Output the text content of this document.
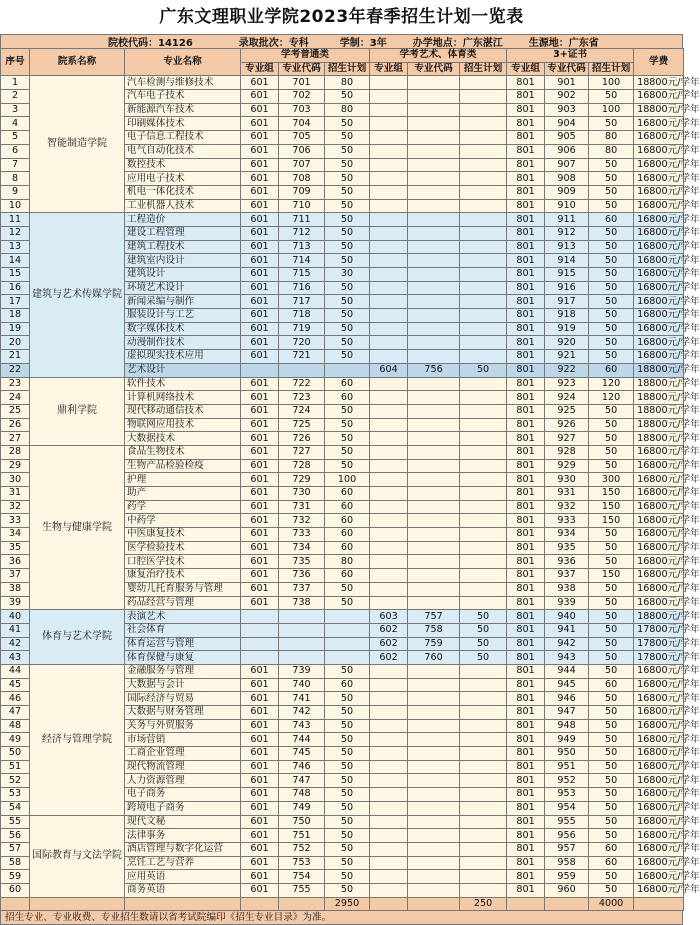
广东文理职业学院2023年春季招生计划一览表
院校代码：14126	录取批次：专科	学制：3年	办学地点：广东湛江	生源地：广东省
序号	院系名称	专业名称	学考普通类			学考艺术、体育类			3+证书			学费
			专业组	专业代码	招生计划	专业组	专业代码	招生计划	专业组	专业代码	招生计划	
1	智能制造学院	汽车检测与维修技术	601	701	80				801	901	100	18800元/学年
2		汽车电子技术	601	702	50				801	902	50	16800元/学年
3		新能源汽车技术	601	703	80				801	903	100	18800元/学年
4		印刷媒体技术	601	704	50				801	904	50	16800元/学年
5		电子信息工程技术	601	705	50				801	905	80	16800元/学年
6		电气自动化技术	601	706	50				801	906	80	16800元/学年
7		数控技术	601	707	50				801	907	50	16800元/学年
8		应用电子技术	601	708	50				801	908	50	16800元/学年
9		机电一体化技术	601	709	50				801	909	50	16800元/学年
10		工业机器人技术	601	710	50				801	910	50	16800元/学年
11	建筑与艺术传媒学院	工程造价	601	711	50				801	911	60	16800元/学年
12		建设工程管理	601	712	50				801	912	50	16800元/学年
13		建筑工程技术	601	713	50				801	913	50	16800元/学年
14		建筑室内设计	601	714	50				801	914	50	16800元/学年
15		建筑设计	601	715	30				801	915	50	16800元/学年
16		环境艺术设计	601	716	50				801	916	50	16800元/学年
17		新闻采编与制作	601	717	50				801	917	50	16800元/学年
18		服装设计与工艺	601	718	50				801	918	50	16800元/学年
19		数字媒体技术	601	719	50				801	919	50	16800元/学年
20		动漫制作技术	601	720	50				801	920	50	16800元/学年
21		虚拟现实技术应用	601	721	50				801	921	50	16800元/学年
22		艺术设计				604	756	50	801	922	60	18800元/学年
23	鼎利学院	软件技术	601	722	60				801	923	120	18800元/学年
24		计算机网络技术	601	723	60				801	924	120	18800元/学年
25		现代移动通信技术	601	724	50				801	925	50	18800元/学年
26		物联网应用技术	601	725	50				801	926	50	18800元/学年
27		大数据技术	601	726	50				801	927	50	18800元/学年
28	生物与健康学院	食品生物技术	601	727	50				801	928	50	16800元/学年
29		生物产品检验检疫	601	728	50				801	929	50	16800元/学年
30		护理	601	729	100				801	930	300	16800元/学年
31		助产	601	730	60				801	931	150	16800元/学年
32		药学	601	731	60				801	932	150	16800元/学年
33		中药学	601	732	60				801	933	150	16800元/学年
34		中医康复技术	601	733	60				801	934	50	16800元/学年
35		医学检验技术	601	734	60				801	935	50	16800元/学年
36		口腔医学技术	601	735	80				801	936	50	16800元/学年
37		康复治疗技术	601	736	60				801	937	150	16800元/学年
38		婴幼儿托育服务与管理	601	737	50				801	938	50	16800元/学年
39		药品经营与管理	601	738	50				801	939	50	16800元/学年
40	体育与艺术学院	表演艺术				603	757	50	801	940	50	18800元/学年
41		社会体育				602	758	50	801	941	50	17800元/学年
42		体育运营与管理				602	759	50	801	942	50	17800元/学年
43		体育保健与康复				602	760	50	801	943	50	17800元/学年
44	经济与管理学院	金融服务与管理	601	739	50				801	944	50	16800元/学年
45		大数据与会计	601	740	60				801	945	60	16800元/学年
46		国际经济与贸易	601	741	50				801	946	50	16800元/学年
47		大数据与财务管理	601	742	50				801	947	50	16800元/学年
48		关务与外贸服务	601	743	50				801	948	50	16800元/学年
49		市场营销	601	744	50				801	949	50	16800元/学年
50		工商企业管理	601	745	50				801	950	50	16800元/学年
51		现代物流管理	601	746	50				801	951	50	16800元/学年
52		人力资源管理	601	747	50				801	952	50	16800元/学年
53		电子商务	601	748	50				801	953	50	16800元/学年
54		跨境电子商务	601	749	50				801	954	50	16800元/学年
55	国际教育与文法学院	现代文秘	601	750	50				801	955	50	16800元/学年
56		法律事务	601	751	50				801	956	50	16800元/学年
57		酒店管理与数字化运营	601	752	50				801	957	60	16800元/学年
58		烹饪工艺与营养	601	753	50				801	958	60	16800元/学年
59		应用英语	601	754	50				801	959	50	16800元/学年
60		商务英语	601	755	50				801	960	50	16800元/学年
					2950			250			4000	
招生专业、专业收费、专业招生数请以省考试院编印《招生专业目录》为准。
